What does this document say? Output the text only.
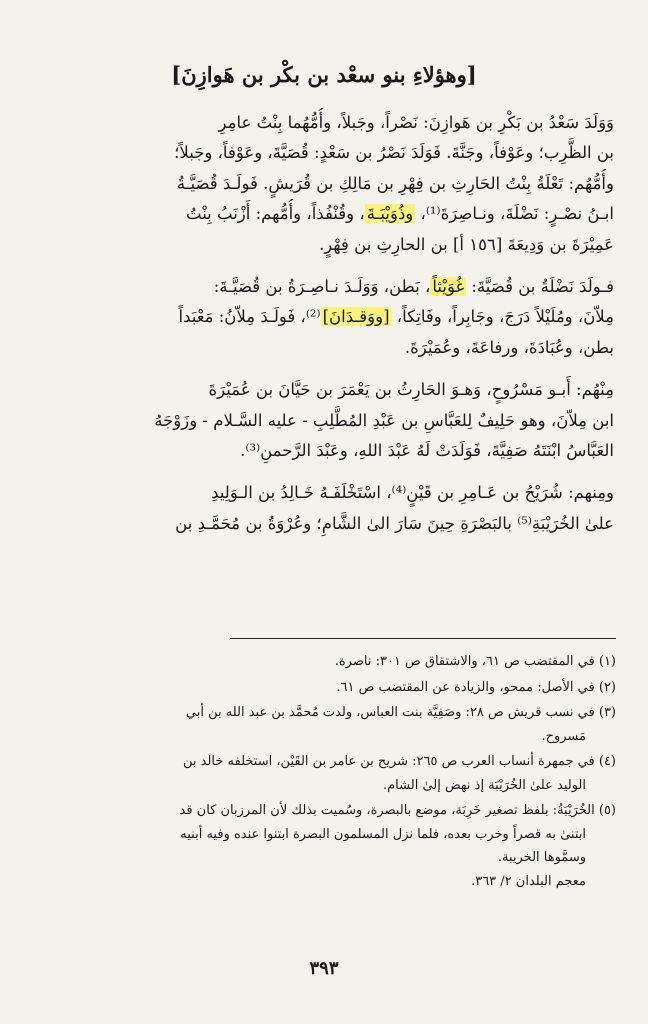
[وهؤلاءِ بنو سعْد بن بكْر بن هَوازِنَ]
وَوَلَدَ سَعْدُ بن بَكْرِ بن هَوازِنَ: نَصْراً، وجَبلاً، وأُمُّهُما بِنْتُ عامِرِ
بن الظَّرِب؛ وعَوْفاً، وجَنَّةَ. فَوَلَدَ نَصْرُ بن سَعْدٍ: قُصَيَّةَ، وعَوْفاً، وجَبلاً؛
وأُمُّهُم: تَعْلَةُ بِنْتُ الحَارِثِ بن فِهْرِ بن مَالِكِ بن قُرَيشٍ. فَولَـدَ قُصَيَّـةُ
ابـنُ نصْـرٍ: نَضْلَةَ، ونـاصِرَةَ⁽¹⁾، وذُوَيْبَـةَ، وقُنْفُذاً، وأُمُّهم: أَزْنَبُ بِنْتُ
عَمِيْرَةَ بن وَدِيعَةَ [١٥٦ أ] بن الحارِثِ بن فِهْرٍ.
فـولَدَ نَضْلَةُ بن قُصَيَّةَ: غُوَيْثاً، بَطن، وَوَلَـدَ نـاصِـرَةُ بن قُصَيَّـةَ:
مِلاّنَ، ومُلَيْلاً دَرَجَ، وجَابِراً، وفَاتِكاً، [ووَقـدَانَ]⁽²⁾، فَولَـدَ مِلاّنُ: مَعْبَداً
بطن، وعُبَادَةَ، ورفاعَةَ، وعُمَيْرَةَ.
مِنْهُم: أَبـو مَسْرُوحٍ، وَهـوَ الحَارِثُ بن يَعْمَرَ بن حَيَّانَ بن عُمَيْرَةَ
ابن مِلاّنَ، وهو حَلِيفٌ لِلعَبَّاسِ بن عَبْدِ المُطَّلِبِ - عليه السَّـلام - وزَوْجَهُ
العَبَّاسُ ابْنَتَهُ صَفِيَّةَ، فَوَلَدَتْ لَهُ عَبْدَ اللهِ، وعَبْدَ الرَّحمنِ⁽³⁾.
ومِنهم: شُرَيْحُ بن عَـامِرِ بن قَيْنٍ⁽⁴⁾، اسْتَخْلَفَـهُ خَـالِدُ بن الـوَلِيدِ
علىٰ الخُرَيْبَةِ⁽⁵⁾ بالبَصْرَةِ حِينَ سَارَ الىٰ الشَّامِ؛ وعُرْوَةُ بن مُحَمَّـدِ بن
(١) في المقتضب ص ٦١، والاشتقاق ص ٣٠١: ناصرة.
(٢) في الأصل: ممحو، والزيادة عن المقتضب ص ٦١.
(٣) في نسب قريش ص ٢٨: وصَفِيَّة بنت العباس، ولدت مُحمَّد بن عبد الله بن أبي
مَسروح.
(٤) في جمهرة أنساب العرب ص ٢٦٥: شريح بن عامر بن القَيْن، استخلفه خالد بن
الوليد علىٰ الخُرَيْبَة إذ نهض إلىٰ الشام.
(٥) الخُرَيْبَةُ: بلفظ تصغير خَرِبَة، موضع بالبصرة، وسُميت بذلك لأن المرزبان كان قد
ابتنىٰ به قصراً وخرب بعده، فلما نزل المسلمون البصرة ابتنوا عنده وفيه أبنيه
وسمَّوها الخريبة.
معجم البلدان ٢/ ٣٦٣.
٣٩٣
